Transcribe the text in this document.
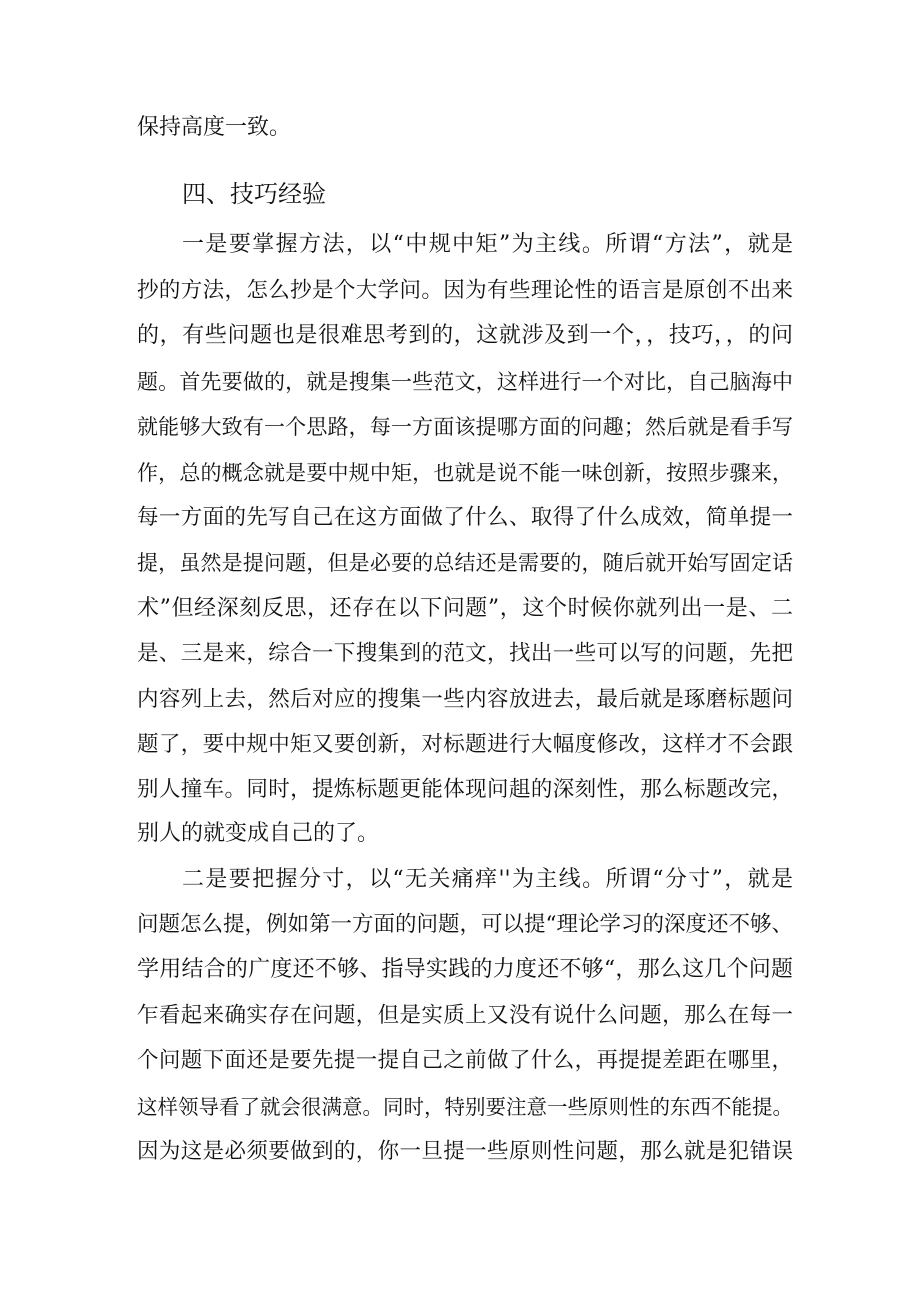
保持高度一致。
四、技巧经验
一是要掌握方法，以“中规中矩”为主线。所谓“方法”，就是
抄的方法，怎么抄是个大学问。因为有些理论性的语言是原创不出来
的，有些问题也是很难思考到的，这就涉及到一个，，技巧，，的问
题。首先要做的，就是搜集一些范文，这样进行一个对比，自己脑海中
就能够大致有一个思路，每一方面该提哪方面的问趣；然后就是看手写
作，总的概念就是要中规中矩，也就是说不能一味创新，按照步骤来，
每一方面的先写自己在这方面做了什么、取得了什么成效，简单提一
提，虽然是提问题，但是必要的总结还是需要的，随后就开始写固定话
术”但经深刻反思，还存在以下问题”，这个时候你就列出一是、二
是、三是来，综合一下搜集到的范文，找出一些可以写的问题，先把
内容列上去，然后对应的搜集一些内容放进去，最后就是琢磨标题问
题了，要中规中矩又要创新，对标题进行大幅度修改，这样才不会跟
别人撞车。同时，提炼标题更能体现问趄的深刻性，那么标题改完，
别人的就变成自己的了。
二是要把握分寸，以“无关痛痒''为主线。所谓“分寸”，就是
问题怎么提，例如第一方面的问题，可以提“理论学习的深度还不够、
学用结合的广度还不够、指导实践的力度还不够“，那么这几个问题
乍看起来确实存在问题，但是实质上又没有说什么问题，那么在每一
个问题下面还是要先提一提自己之前做了什么，再提提差距在哪里，
这样领导看了就会很满意。同时，特别要注意一些原则性的东西不能提。
因为这是必须要做到的，你一旦提一些原则性问题，那么就是犯错误
